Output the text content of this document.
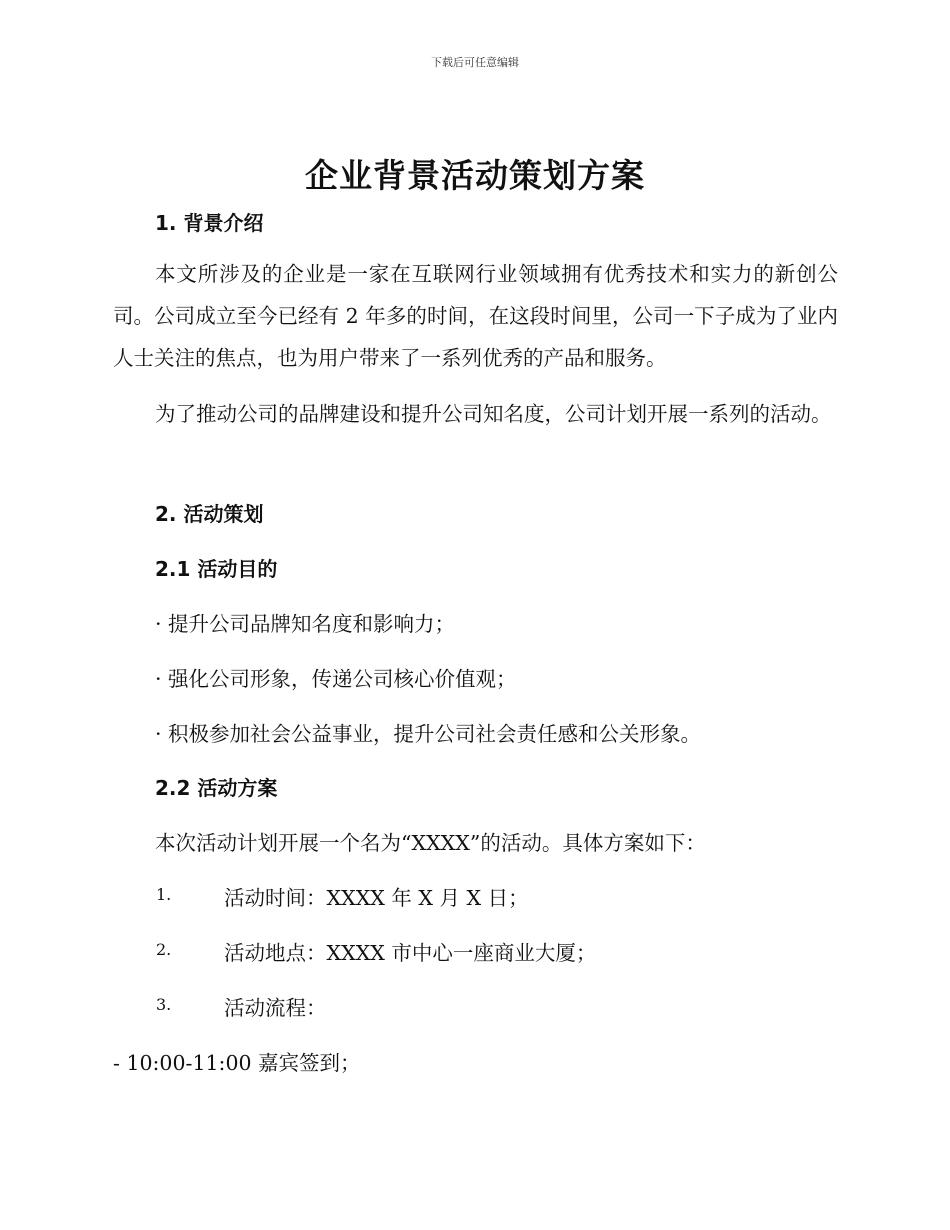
下载后可任意编辑
企业背景活动策划方案
1. 背景介绍
本文所涉及的企业是一家在互联网行业领域拥有优秀技术和实力的新创公司。公司成立至今已经有 2 年多的时间，在这段时间里，公司一下子成为了业内人士关注的焦点，也为用户带来了一系列优秀的产品和服务。
为了推动公司的品牌建设和提升公司知名度，公司计划开展一系列的活动。
2. 活动策划
2.1 活动目的
· 提升公司品牌知名度和影响力；
· 强化公司形象，传递公司核心价值观；
· 积极参加社会公益事业，提升公司社会责任感和公关形象。
2.2 活动方案
本次活动计划开展一个名为“XXXX”的活动。具体方案如下：
1.	活动时间：XXXX 年 X 月 X 日；
2.	活动地点：XXXX 市中心一座商业大厦；
3.	活动流程：
- 10:00-11:00 嘉宾签到；
